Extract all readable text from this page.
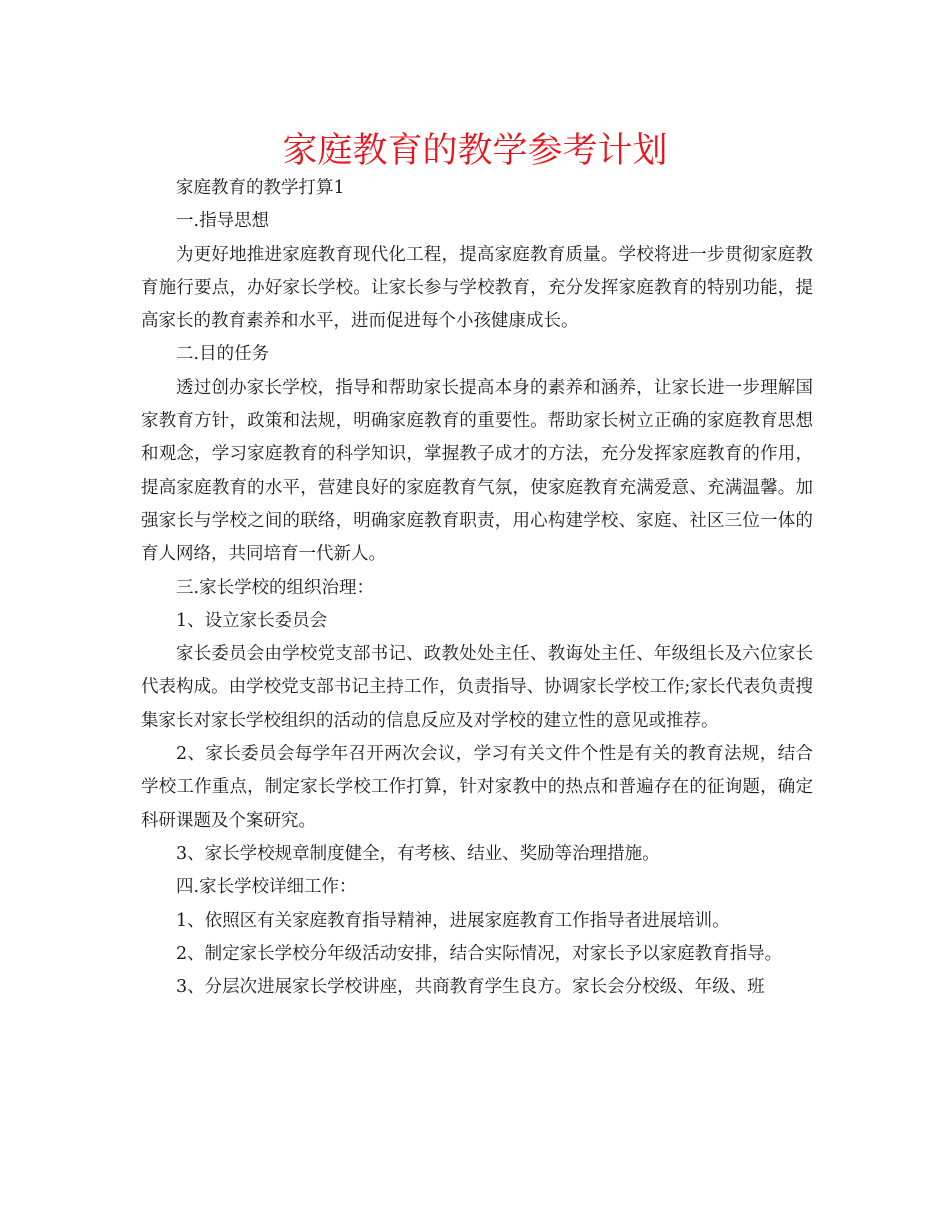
家庭教育的教学参考计划

家庭教育的教学打算1

一.指导思想

为更好地推进家庭教育现代化工程，提高家庭教育质量。学校将进一步贯彻家庭教育施行要点，办好家长学校。让家长参与学校教育，充分发挥家庭教育的特别功能，提高家长的教育素养和水平，进而促进每个小孩健康成长。

二.目的任务

透过创办家长学校，指导和帮助家长提高本身的素养和涵养，让家长进一步理解国家教育方针，政策和法规，明确家庭教育的重要性。帮助家长树立正确的家庭教育思想和观念，学习家庭教育的科学知识，掌握教子成才的方法，充分发挥家庭教育的作用，提高家庭教育的水平，营建良好的家庭教育气氛，使家庭教育充满爱意、充满温馨。加强家长与学校之间的联络，明确家庭教育职责，用心构建学校、家庭、社区三位一体的育人网络，共同培育一代新人。

三.家长学校的组织治理：

1、设立家长委员会

家长委员会由学校党支部书记、政教处处主任、教诲处主任、年级组长及六位家长代表构成。由学校党支部书记主持工作，负责指导、协调家长学校工作;家长代表负责搜集家长对家长学校组织的活动的信息反应及对学校的建立性的意见或推荐。

2、家长委员会每学年召开两次会议，学习有关文件个性是有关的教育法规，结合学校工作重点，制定家长学校工作打算，针对家教中的热点和普遍存在的征询题，确定科研课题及个案研究。

3、家长学校规章制度健全，有考核、结业、奖励等治理措施。

四.家长学校详细工作：

1、依照区有关家庭教育指导精神，进展家庭教育工作指导者进展培训。

2、制定家长学校分年级活动安排，结合实际情况，对家长予以家庭教育指导。

3、分层次进展家长学校讲座，共商教育学生良方。家长会分校级、年级、班
